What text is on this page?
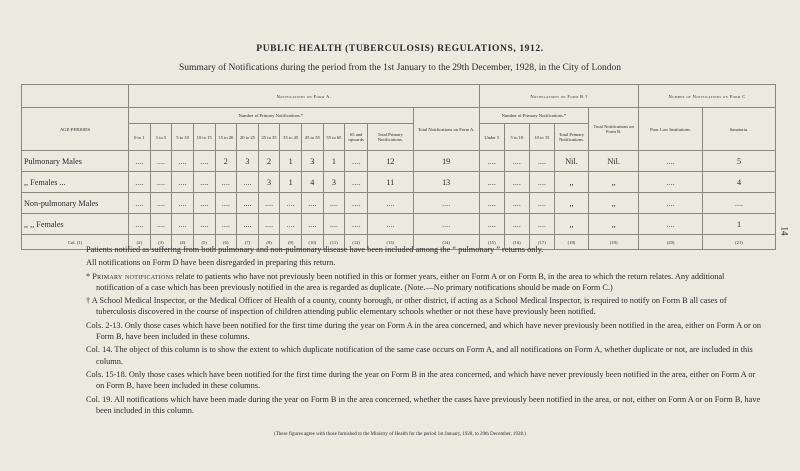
PUBLIC HEALTH (TUBERCULOSIS) REGULATIONS, 1912.
Summary of Notifications during the period from the 1st January to the 29th December, 1928, in the City of London
	Notifications on Form A.													Notifications on Form B.†					Number of Notifications on Form C	
AGE-PERIODS	Number of Primary Notifications.*												Total Notifications on Form A.	Number of Primary Notifications.*				Total Notifications on Form B.	Poor Law Institutions.	Sanatoria.
	0 to 1	1 to 5	5 to 10	10 to 15	15 to 20	20 to 25	25 to 35	35 to 45	45 to 55	55 to 65	65 and upwards	Total Primary Notifications.		Under 5	5 to 10	10 to 15	Total Primary Notifications.			
Pulmonary Males	....	....	....	....	2	3	2	1	3	1	....	12	19	....	....	....	Nil.	Nil.	....	5
,, Females ...	....	....	....	....	....	....	3	1	4	3	....	11	13	....	....	....	,,	,,	....	4
Non-pulmonary Males	....	....	....	....	....	....	....	....	....	....	....	....	....	....	....	....	,,	,,	....	....
,, ,, Females	....	....	....	....	....	....	....	....	....	....	....	....	....	....	....	....	,,	,,	....	1
Col. (1)	(2)	(3)	(4)	(5)	(6)	(7)	(8)	(9)	(10)	(11)	(12)	(13)	(14)	(15)	(16)	(17)	(18)	(19)	(20)	(21)
14

Patients notified as suffering from both pulmonary and non-pulmonary disease have been included among the “ pulmonary ” returns only.

All notifications on Form D have been disregarded in preparing this return.

* Primary notifications relate to patients who have not previously been notified in this or former years, either on Form A or on Form B, in the area to which the return relates. Any additional notification of a case which has been previously notified in the area is regarded as duplicate. (Note.—No primary notifications should be made on Form C.)

† A School Medical Inspector, or the Medical Officer of Health of a county, county borough, or other district, if acting as a School Medical Inspector, is required to notify on Form B all cases of tuberculosis discovered in the course of inspection of children attending public elementary schools whether or not these have previously been notified.

Cols. 2-13. Only those cases which have been notified for the first time during the year on Form A in the area concerned, and which have never previously been notified in the area, either on Form A or on Form B, have been included in these columns.

Col. 14. The object of this column is to show the extent to which duplicate notification of the same case occurs on Form A, and all notifications on Form A, whether duplicate or not, are included in this column.

Cols. 15-18. Only those cases which have been notified for the first time during the year on Form B in the area concerned, and which have never previously been notified in the area, either on Form A or on Form B, have been included in these columns.

Col. 19. All notifications which have been made during the year on Form B in the area concerned, whether the cases have previously been notified in the area, or not, either on Form A or on Form B, have been included in this column.

(These figures agree with those furnished to the Ministry of Health for the period 1st January, 1928, to 29th December, 1928.)
